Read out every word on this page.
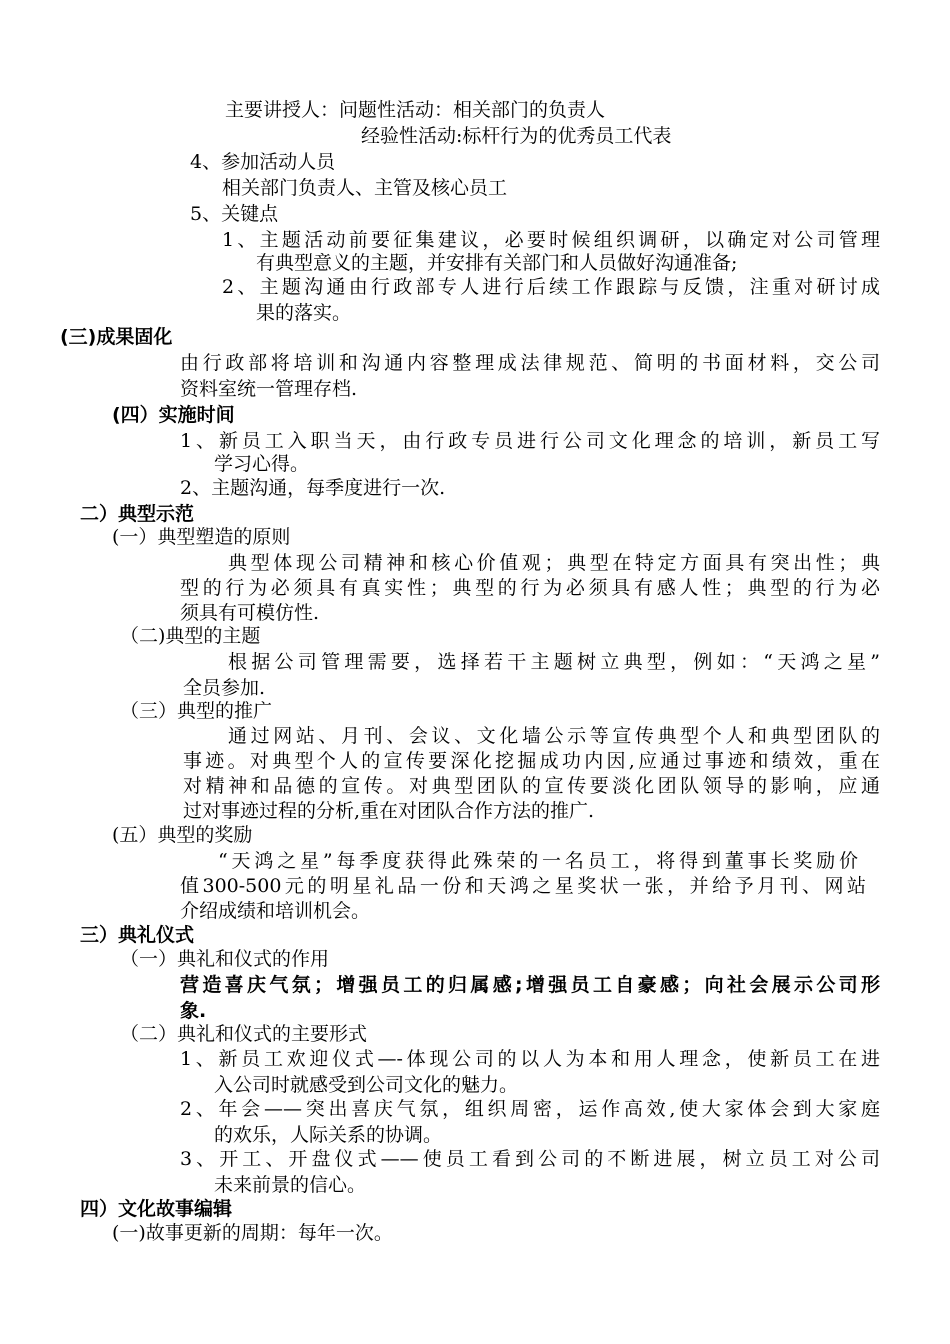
主要讲授人：问题性活动：相关部门的负责人
经验性活动:标杆行为的优秀员工代表
4、参加活动人员
相关部门负责人、主管及核心员工
5、关键点
1、主题活动前要征集建议，必要时候组织调研，以确定对公司管理
有典型意义的主题，并安排有关部门和人员做好沟通准备;
2、主题沟通由行政部专人进行后续工作跟踪与反馈，注重对研讨成
果的落实。
(三)成果固化
由行政部将培训和沟通内容整理成法律规范、简明的书面材料，交公司
资料室统一管理存档.
(四）实施时间
1、新员工入职当天，由行政专员进行公司文化理念的培训，新员工写
学习心得。
2、主题沟通，每季度进行一次.
二）典型示范
(一）典型塑造的原则
典型体现公司精神和核心价值观；典型在特定方面具有突出性；典
型的行为必须具有真实性；典型的行为必须具有感人性；典型的行为必
须具有可模仿性.
（二)典型的主题
根据公司管理需要，选择若干主题树立典型，例如：“天鸿之星”
全员参加.
（三）典型的推广
通过网站、月刊、会议、文化墙公示等宣传典型个人和典型团队的
事迹。对典型个人的宣传要深化挖掘成功内因,应通过事迹和绩效，重在
对精神和品德的宣传。对典型团队的宣传要淡化团队领导的影响，应通
过对事迹过程的分析,重在对团队合作方法的推广.
(五）典型的奖励
“天鸿之星”每季度获得此殊荣的一名员工，将得到董事长奖励价
值300-500元的明星礼品一份和天鸿之星奖状一张，并给予月刊、网站
介绍成绩和培训机会。
三）典礼仪式
（一）典礼和仪式的作用
营造喜庆气氛；增强员工的归属感;增强员工自豪感；向社会展示公司形
象.
（二）典礼和仪式的主要形式
1、新员工欢迎仪式—-体现公司的以人为本和用人理念，使新员工在进
入公司时就感受到公司文化的魅力。
2、年会——突出喜庆气氛，组织周密，运作高效,使大家体会到大家庭
的欢乐，人际关系的协调。
3、开工、开盘仪式——使员工看到公司的不断进展，树立员工对公司
未来前景的信心。
四）文化故事编辑
(一)故事更新的周期：每年一次。
